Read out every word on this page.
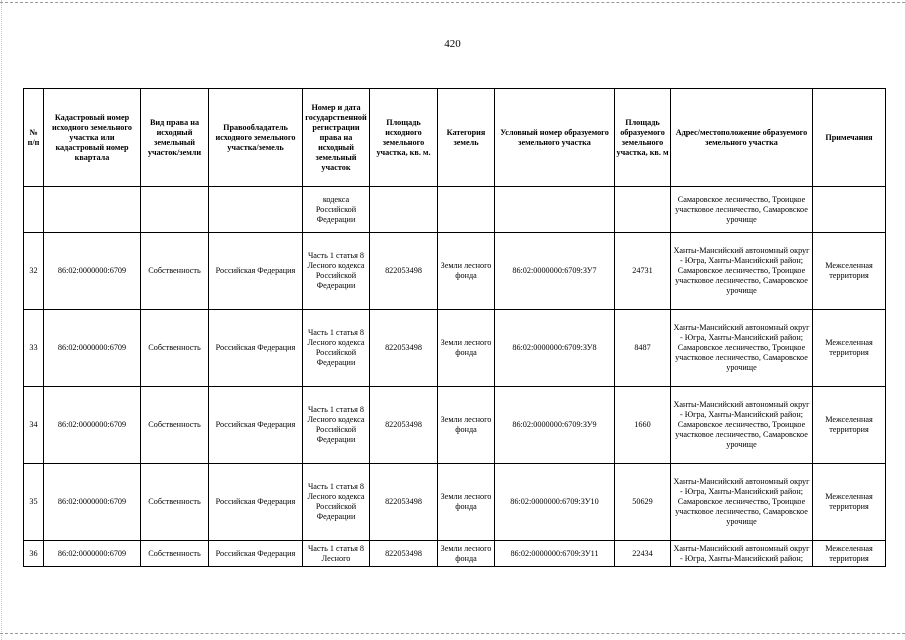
420
№ п/п	Кадастровый номер исходного земельного участка или кадастровый номер квартала	Вид права на исходный земельный участок/земли	Правообладатель исходного земельного участка/земель	Номер и дата государственной регистрации права на исходный земельный участок	Площадь исходного земельного участка, кв. м.	Категория земель	Условный номер образуемого земельного участка	Площадь образуемого земельного участка, кв. м	Адрес/местоположение образуемого земельного участка	Примечания
				кодекса Российской Федерации					Самаровское лесничество, Троицкое участковое лесничество, Самаровское урочище	
32	86:02:0000000:6709	Собственность	Российская Федерация	Часть 1 статья 8 Лесного кодекса Российской Федерации	822053498	Земли лесного фонда	86:02:0000000:6709:ЗУ7	24731	Ханты-Мансийский автономный округ - Югра, Ханты-Мансийский район; Самаровское лесничество, Троицкое участковое лесничество, Самаровское урочище	Межселенная территория
33	86:02:0000000:6709	Собственность	Российская Федерация	Часть 1 статья 8 Лесного кодекса Российской Федерации	822053498	Земли лесного фонда	86:02:0000000:6709:ЗУ8	8487	Ханты-Мансийский автономный округ - Югра, Ханты-Мансийский район; Самаровское лесничество, Троицкое участковое лесничество, Самаровское урочище	Межселенная территория
34	86:02:0000000:6709	Собственность	Российская Федерация	Часть 1 статья 8 Лесного кодекса Российской Федерации	822053498	Земли лесного фонда	86:02:0000000:6709:ЗУ9	1660	Ханты-Мансийский автономный округ - Югра, Ханты-Мансийский район; Самаровское лесничество, Троицкое участковое лесничество, Самаровское урочище	Межселенная территория
35	86:02:0000000:6709	Собственность	Российская Федерация	Часть 1 статья 8 Лесного кодекса Российской Федерации	822053498	Земли лесного фонда	86:02:0000000:6709:ЗУ10	50629	Ханты-Мансийский автономный округ - Югра, Ханты-Мансийский район; Самаровское лесничество, Троицкое участковое лесничество, Самаровское урочище	Межселенная территория
36	86:02:0000000:6709	Собственность	Российская Федерация	Часть 1 статья 8 Лесного	822053498	Земли лесного фонда	86:02:0000000:6709:ЗУ11	22434	Ханты-Мансийский автономный округ - Югра, Ханты-Мансийский район;	Межселенная территория
